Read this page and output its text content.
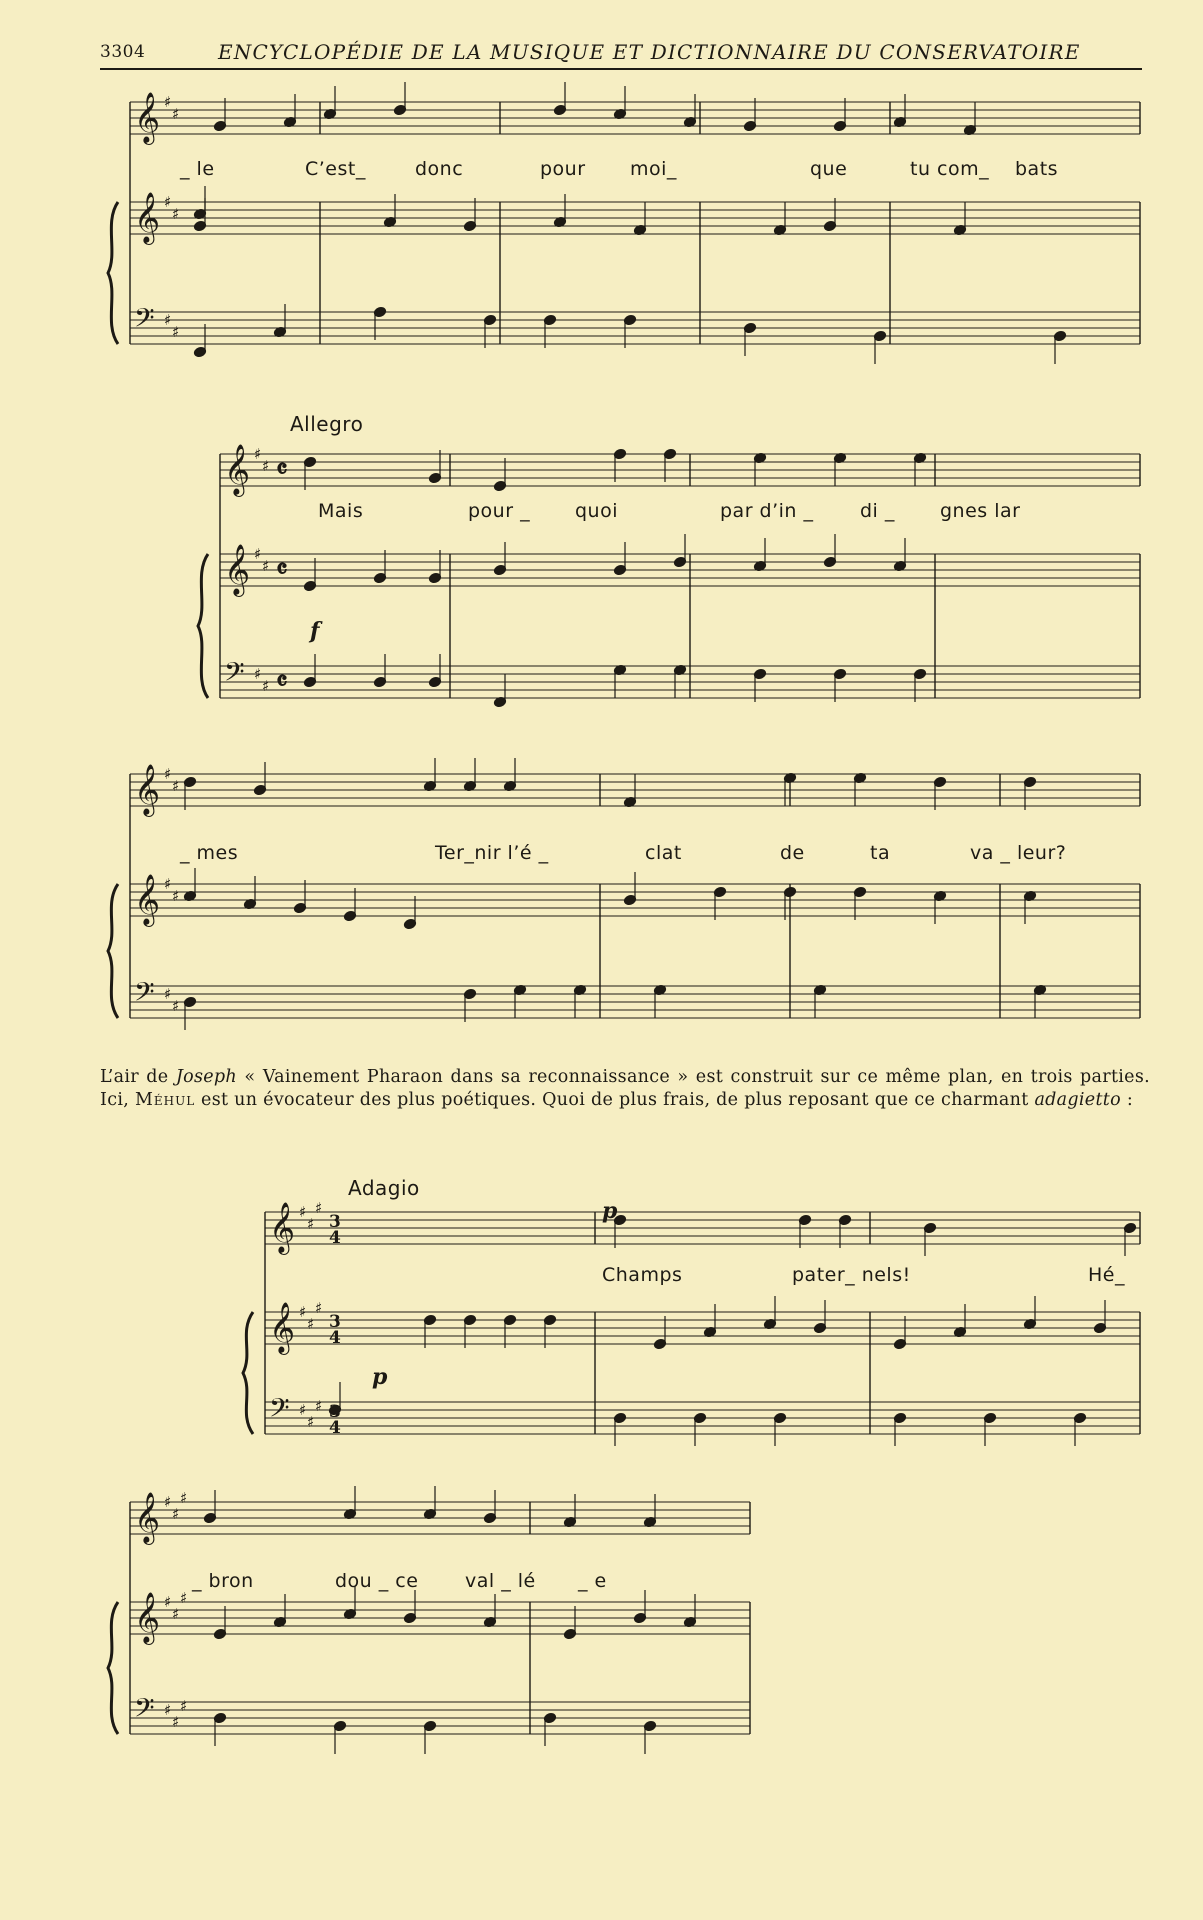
3304	ENCYCLOPÉDIE DE LA MUSIQUE ET DICTIONNAIRE DU CONSERVATOIRE
𝄞 ♯
♯
𝄞 ♯
♯
𝄢 ♯
♯
_ le	C’est_	donc	pour moi_	que	tu com_ bats
Allegro
𝄞 ♯
♯ 𝄴
𝄞 ♯
♯ 𝄴
𝄢 ♯
♯ 𝄴
f
Mais	pour _ quoi	par d’in _ di _ gnes lar
𝄞 ♯
♯
𝄞 ♯
♯
𝄢 ♯
♯
_ mes	Ter_nir l’é _	clat	de	ta	va _ leur?
L’air de Joseph « Vainement Pharaon dans sa reconnaissance » est construit sur ce même plan, en trois parties. Ici, Méhul est un évocateur des plus poétiques. Quoi de plus frais, de plus reposant que ce charmant adagietto :
Adagio
𝄞 ♯
♯
♯
3
4
𝄞 ♯
♯
♯
3
4
𝄢 ♯
♯
♯
4
p
p
Champs	pater_ nels!	Hé_
𝄞 ♯
♯
♯
𝄞 ♯
♯
♯
𝄢 ♯
♯
♯
_ bron	dou _ ce val _ lé _ e
